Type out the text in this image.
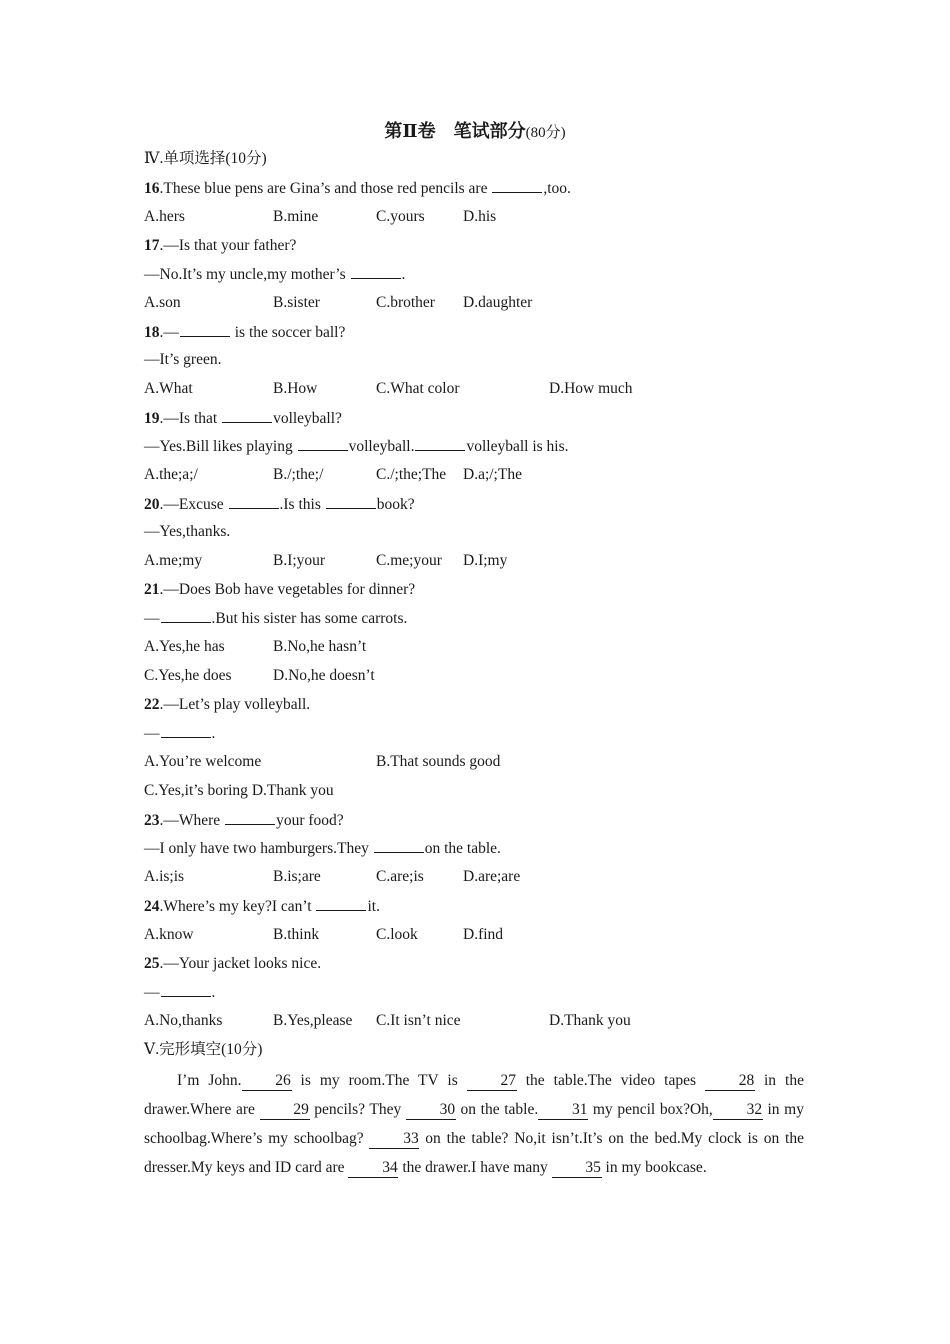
第Ⅱ卷　笔试部分(80分)
Ⅳ.单项选择(10分)
16.These blue pens are Gina’s and those red pencils are	,too.

A.hers

	B.mine

	C.yours

D.his

17.—Is that your father?
—No.It’s my uncle,my mother’s	.

A.son

	B.sister

	C.brother

D.daughter

18.—	is the soccer ball?
—It’s green.

A.What

	B.How

	C.What color

	D.How much

19.—Is that	volleyball?
—Yes.Bill likes playing	volleyball.	volleyball is his.

A.the;a;/

	B./;the;/

	C./;the;The

D.a;/;The

20.—Excuse	.Is this	book?
—Yes,thanks.

A.me;my

	B.I;your

	C.me;your

D.I;my

21.—Does Bob have vegetables for dinner?
—	.But his sister has some carrots.

A.Yes,he has

	B.No,he hasn’t

C.Yes,he does

	D.No,he doesn’t

22.—Let’s play volleyball.
—	.

A.You’re welcome

	B.That sounds good

C.Yes,it’s boring D.Thank you
23.—Where	your food?
—I only have two hamburgers.They	on the table.

A.is;is

	B.is;are

	C.are;is

	D.are;are

24.Where’s my key?I can’t	it.

A.know

	B.think

	C.look

	D.find

25.—Your jacket looks nice.
—	.

A.No,thanks

	B.Yes,please

C.It isn’t nice

	D.Thank you

Ⅴ.完形填空(10分)

I’m John. 26 is my room.The TV is 27 the table.The video tapes 28 in the drawer.Where are 29 pencils? They 30 on the table. 31 my pencil box?Oh, 32 in my schoolbag.Where’s my schoolbag? 33 on the table? No,it isn’t.It’s on the bed.My clock is on the dresser.My keys and ID card are 34 the drawer.I have many 35 in my bookcase.
